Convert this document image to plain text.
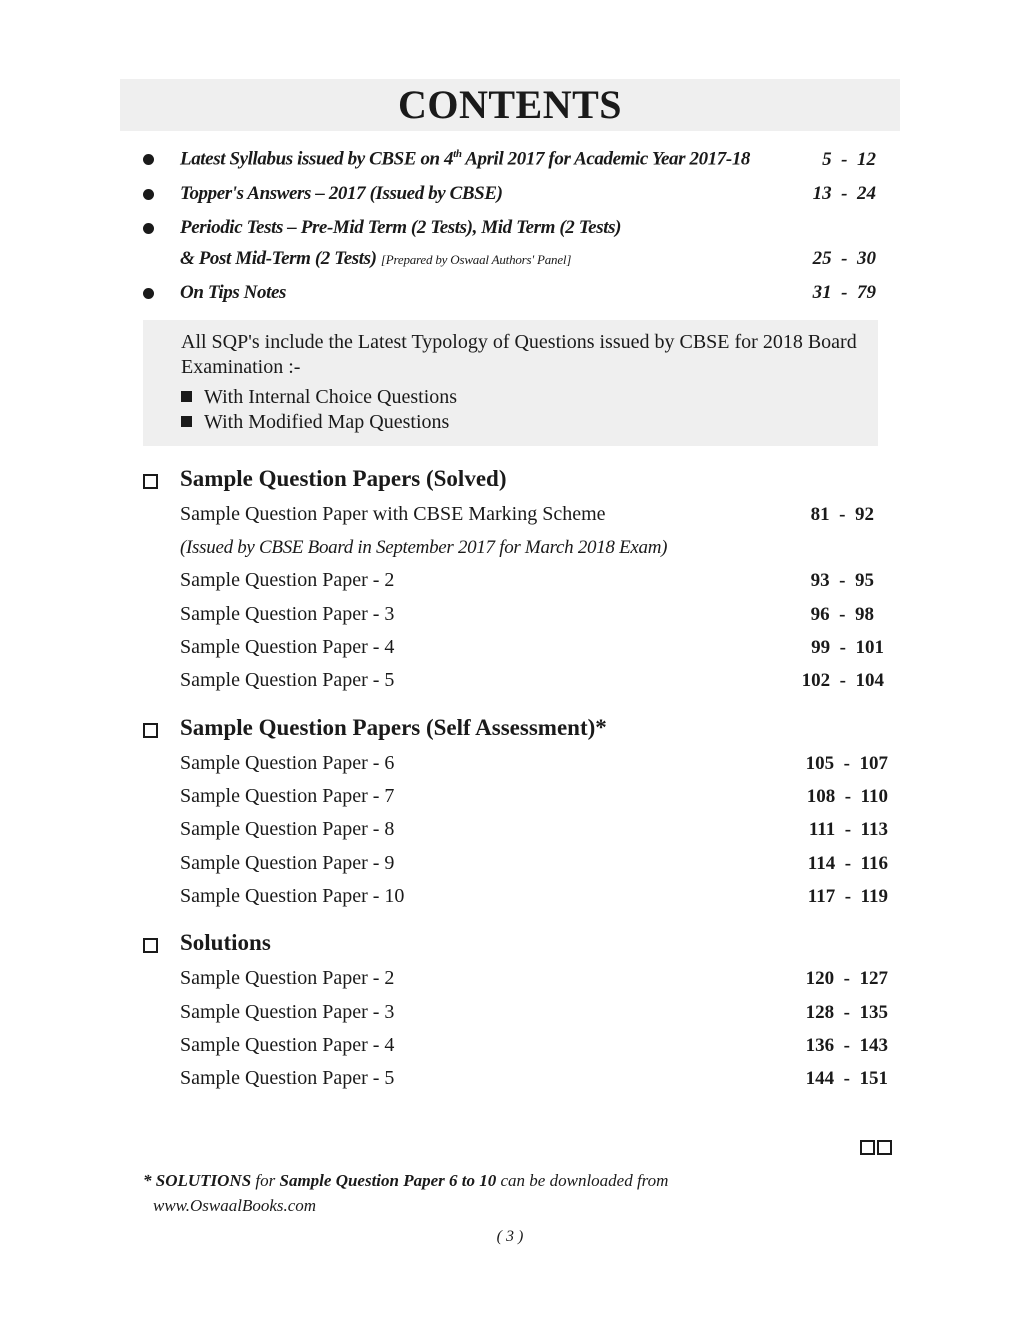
CONTENTS
Latest Syllabus issued by CBSE on 4th April 2017 for Academic Year 2017-18	5  -  12
Topper's Answers – 2017 (Issued by CBSE)	13  -  24
Periodic Tests – Pre-Mid Term (2 Tests), Mid Term (2 Tests)
& Post Mid-Term (2 Tests) [Prepared by Oswaal Authors' Panel]	25  -  30
On Tips Notes	31  -  79
All SQP's include the Latest Typology of Questions issued by CBSE for 2018 Board Examination :-
With Internal Choice Questions
With Modified Map Questions
Sample Question Papers (Solved)
Sample Question Paper with CBSE Marking Scheme	81  -  92
(Issued by CBSE Board in September 2017 for March 2018 Exam)
Sample Question Paper - 2	93  -  95
Sample Question Paper - 3	96  -  98
Sample Question Paper - 4	99  -  101
Sample Question Paper - 5	102  -  104
Sample Question Papers (Self Assessment)*
Sample Question Paper - 6	105  -  107
Sample Question Paper - 7	108  -  110
Sample Question Paper - 8	111  -  113
Sample Question Paper - 9	114  -  116
Sample Question Paper - 10	117  -  119
Solutions
Sample Question Paper - 2	120  -  127
Sample Question Paper - 3	128  -  135
Sample Question Paper - 4	136  -  143
Sample Question Paper - 5	144  -  151
* SOLUTIONS for Sample Question Paper 6 to 10 can be downloaded from
www.OswaalBooks.com
( 3 )
